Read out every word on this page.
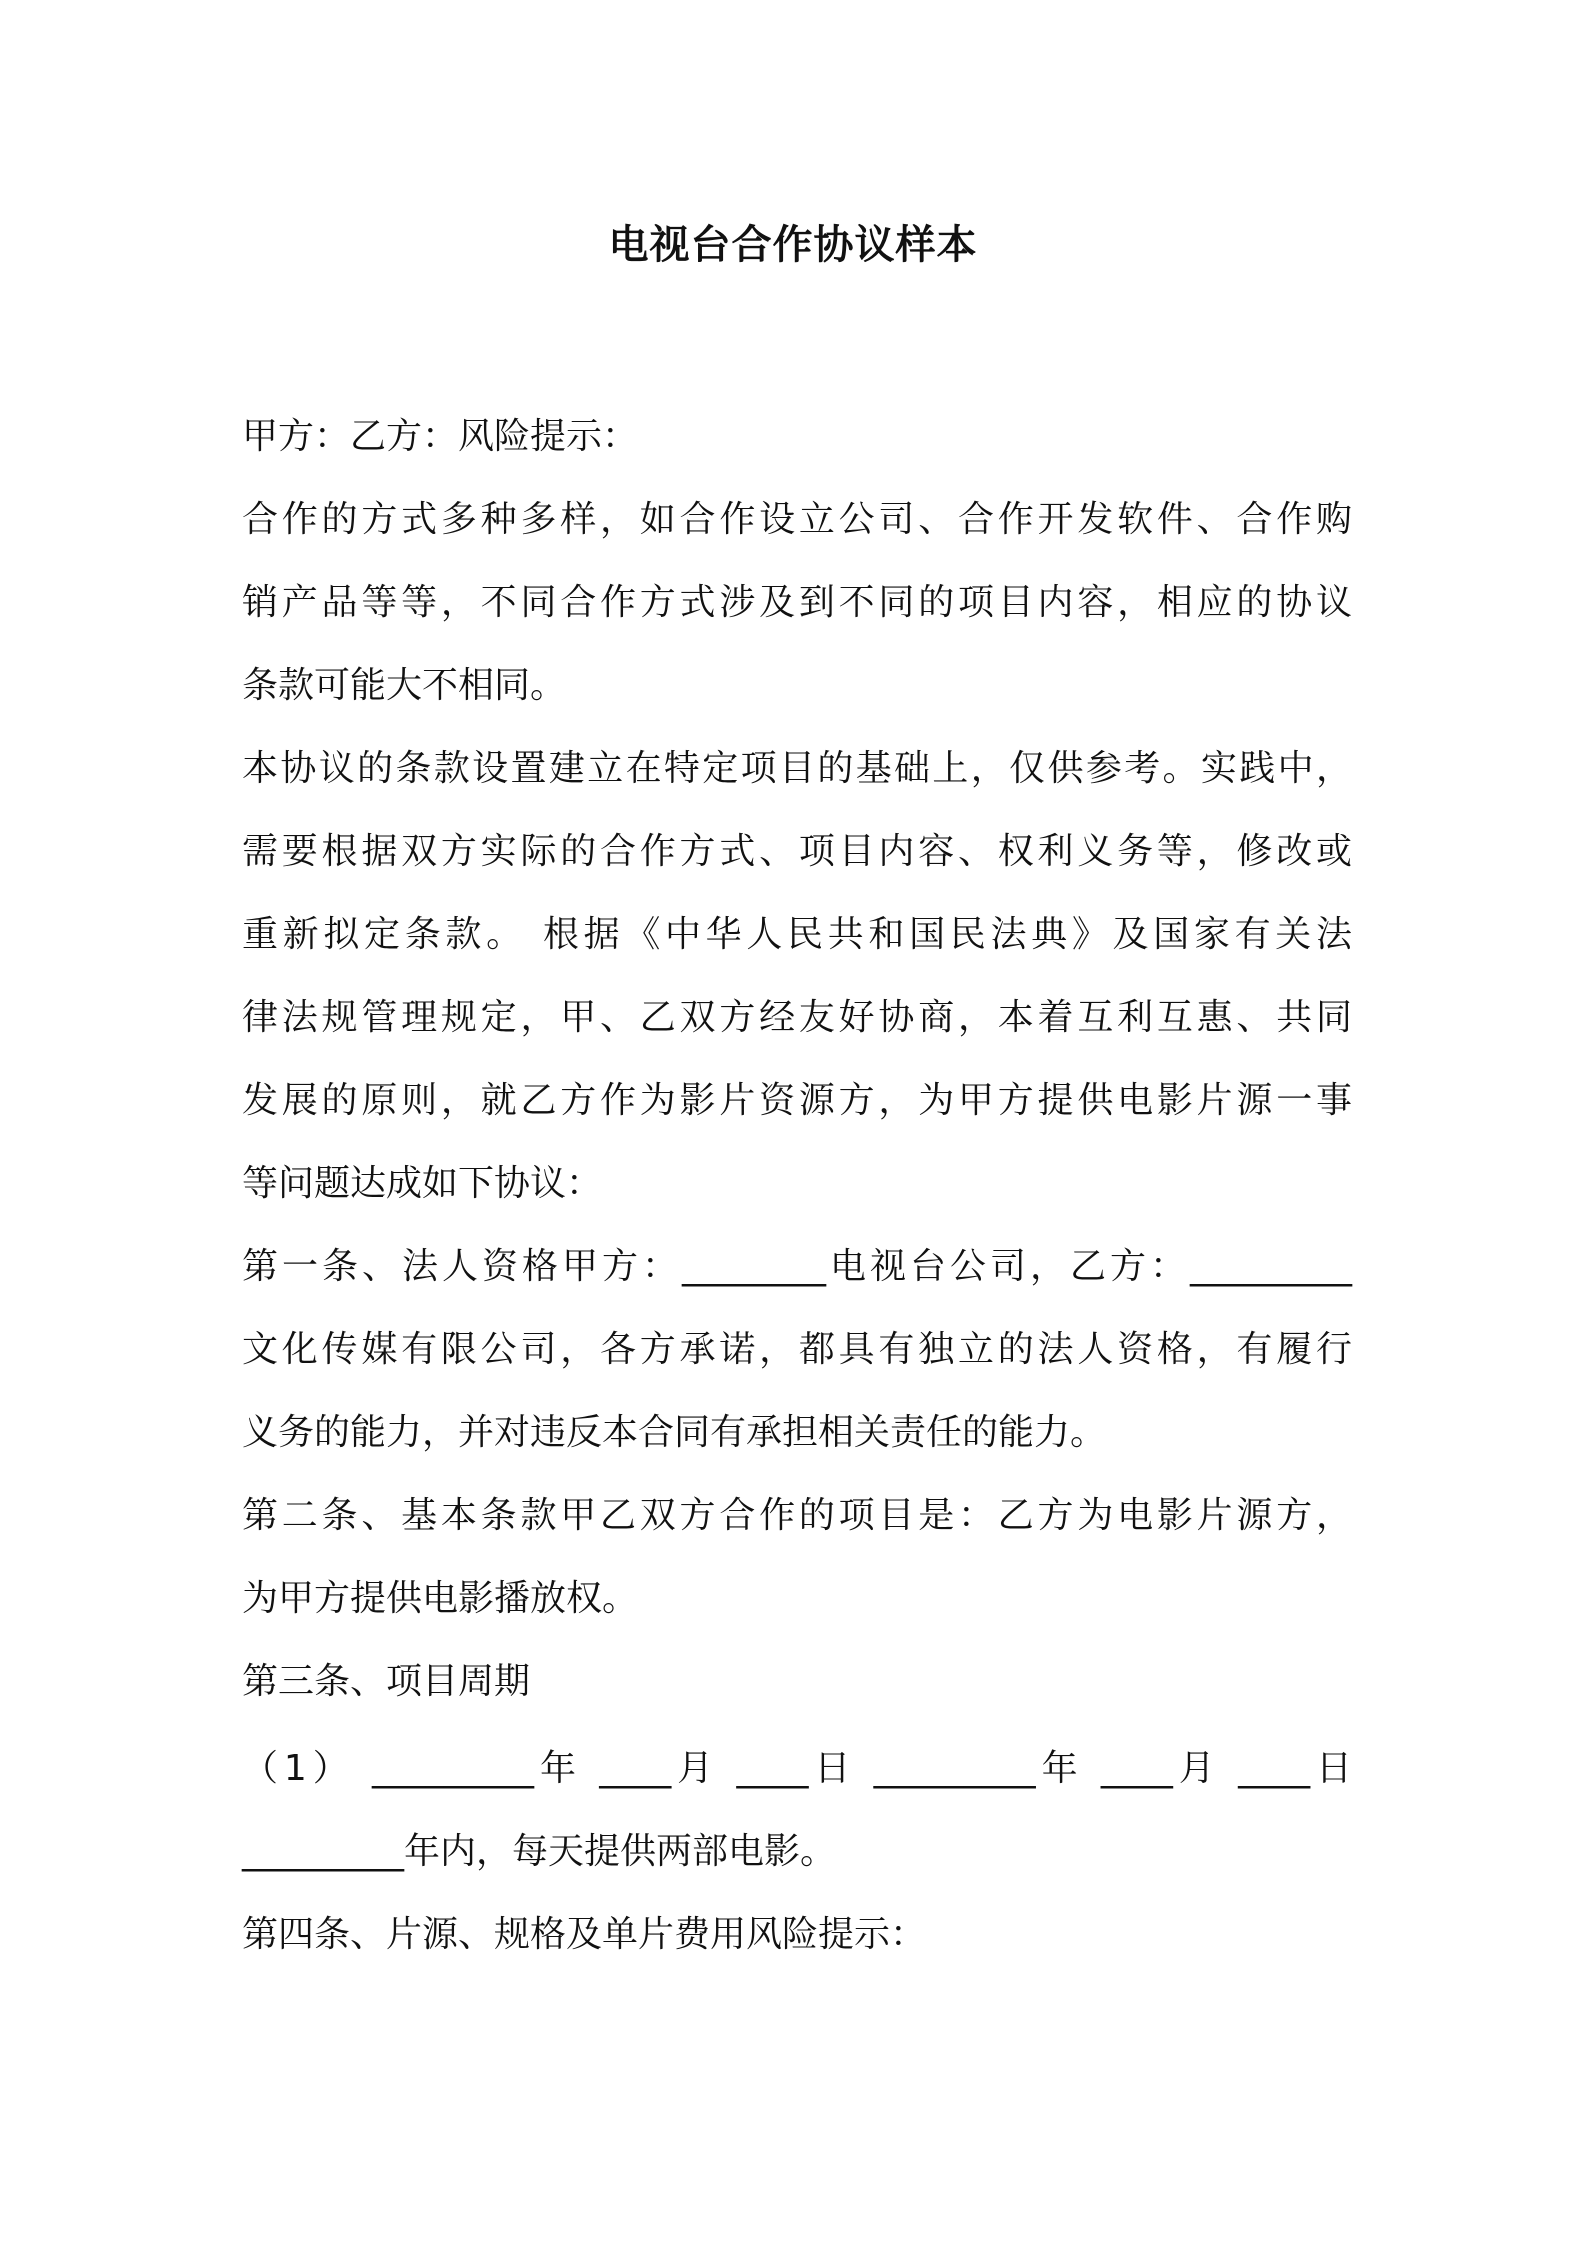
电视台合作协议样本
甲方：乙方：风险提示：
合作的方式多种多样，如合作设立公司、合作开发软件、合作购
销产品等等，不同合作方式涉及到不同的项目内容，相应的协议
条款可能大不相同。
本协议的条款设置建立在特定项目的基础上，仅供参考。实践中，
需要根据双方实际的合作方式、项目内容、权利义务等，修改或
重新拟定条款。 根据《中华人民共和国民法典》及国家有关法
律法规管理规定，甲、乙双方经友好协商，本着互利互惠、共同
发展的原则，就乙方作为影片资源方，为甲方提供电影片源一事
等问题达成如下协议：
第一条、法人资格甲方：________电视台公司，乙方：_________
文化传媒有限公司，各方承诺，都具有独立的法人资格，有履行
义务的能力，并对违反本合同有承担相关责任的能力。
第二条、基本条款甲乙双方合作的项目是：乙方为电影片源方，
为甲方提供电影播放权。
第三条、项目周期
（1） _________年 ____月 ____日 _________年 ____月 ____日
_________年内，每天提供两部电影。
第四条、片源、规格及单片费用风险提示：
